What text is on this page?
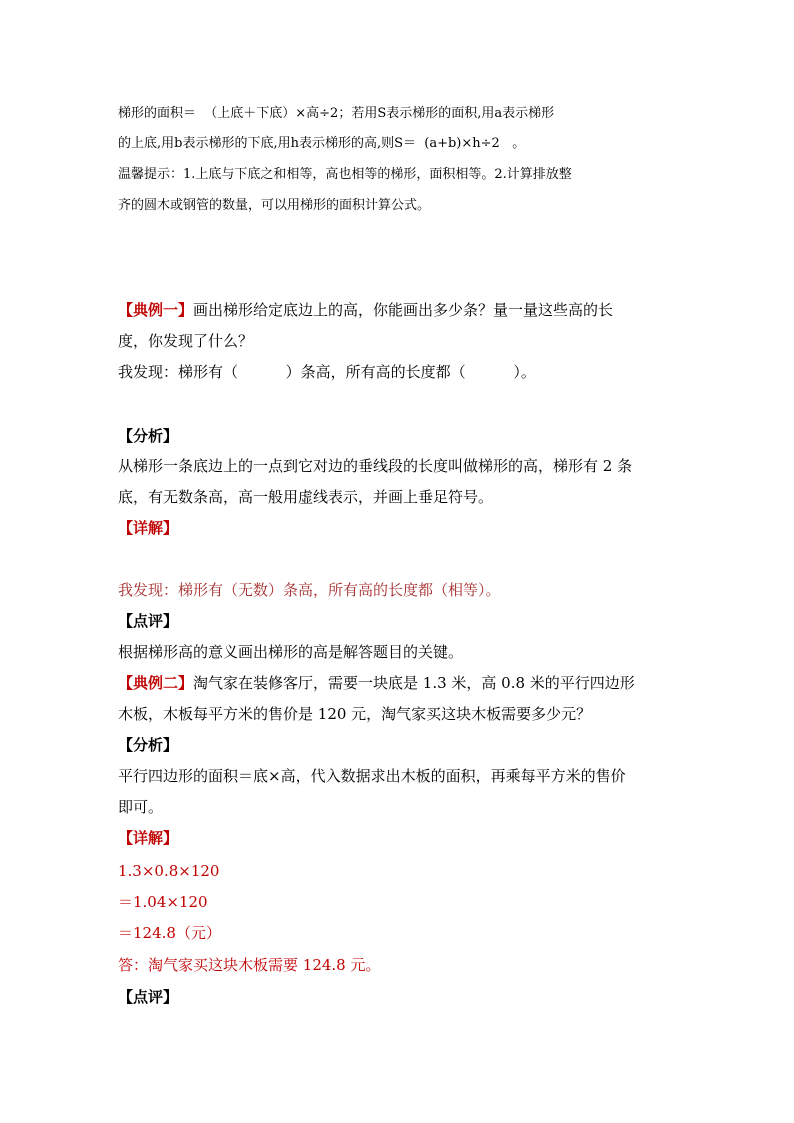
梯形的面积＝  （上底＋下底）×高÷2；若用S表示梯形的面积,用a表示梯形
的上底,用b表示梯形的下底,用h表示梯形的高,则S＝  (a+b)×h÷2   。
温馨提示：1.上底与下底之和相等，高也相等的梯形，面积相等。2.计算排放整
齐的圆木或钢管的数量，可以用梯形的面积计算公式。
【典例一】画出梯形给定底边上的高，你能画出多少条？量一量这些高的长
度，你发现了什么？
我发现：梯形有（          ）条高，所有高的长度都（          ）。
【分析】
从梯形一条底边上的一点到它对边的垂线段的长度叫做梯形的高，梯形有 2 条
底，有无数条高，高一般用虚线表示，并画上垂足符号。
【详解】
我发现：梯形有（无数）条高，所有高的长度都（相等）。
【点评】
根据梯形高的意义画出梯形的高是解答题目的关键。
【典例二】淘气家在装修客厅，需要一块底是 1.3 米，高 0.8 米的平行四边形
木板，木板每平方米的售价是 120 元，淘气家买这块木板需要多少元？
【分析】
平行四边形的面积＝底×高，代入数据求出木板的面积，再乘每平方米的售价
即可。
【详解】
1.3×0.8×120
＝1.04×120
＝124.8（元）
答：淘气家买这块木板需要 124.8 元。
【点评】
